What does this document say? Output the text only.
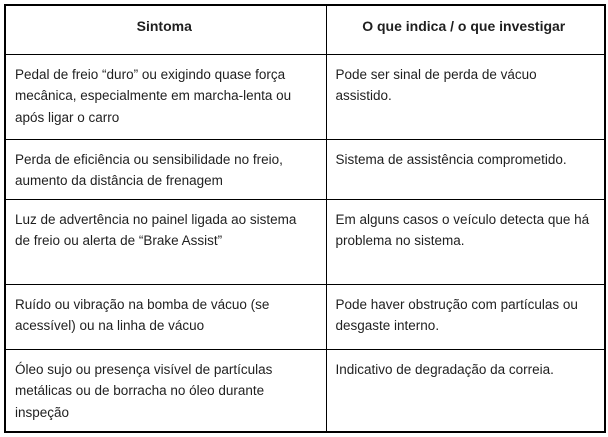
Sintoma	O que indica / o que investigar
Pedal de freio “duro” ou exigindo quase força mecânica, especialmente em marcha-lenta ou após ligar o carro	Pode ser sinal de perda de vácuo assistido.
Perda de eficiência ou sensibilidade no freio, aumento da distância de frenagem	Sistema de assistência comprometido.
Luz de advertência no painel ligada ao sistema de freio ou alerta de “Brake Assist”	Em alguns casos o veículo detecta que há problema no sistema.
Ruído ou vibração na bomba de vácuo (se acessível) ou na linha de vácuo	Pode haver obstrução com partículas ou desgaste interno.
Óleo sujo ou presença visível de partículas metálicas ou de borracha no óleo durante inspeção	Indicativo de degradação da correia.
